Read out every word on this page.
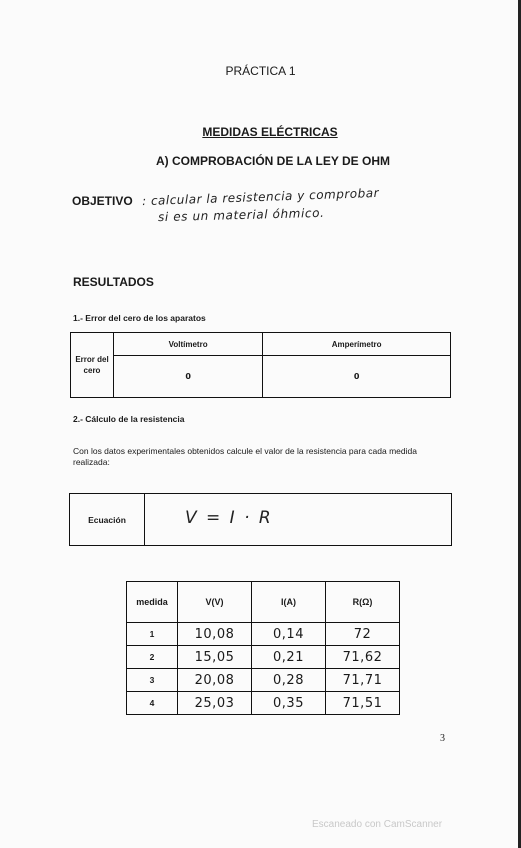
PRÁCTICA 1
MEDIDAS ELÉCTRICAS
A) COMPROBACIÓN DE LA LEY DE OHM
OBJETIVO : calcular la resistencia y comprobar
si es un material óhmico.
RESULTADOS
1.- Error del cero de los aparatos
Error del cero	Voltímetro	Amperímetro
	0	0
2.- Cálculo de la resistencia
Con los datos experimentales obtenidos calcule el valor de la resistencia para cada medida realizada:
Ecuación	V = I · R
medida	V(V)	I(A)	R(Ω)
1	10,08	0,14	72
2	15,05	0,21	71,62
3	20,08	0,28	71,71
4	25,03	0,35	71,51
3
Escaneado con CamScanner
